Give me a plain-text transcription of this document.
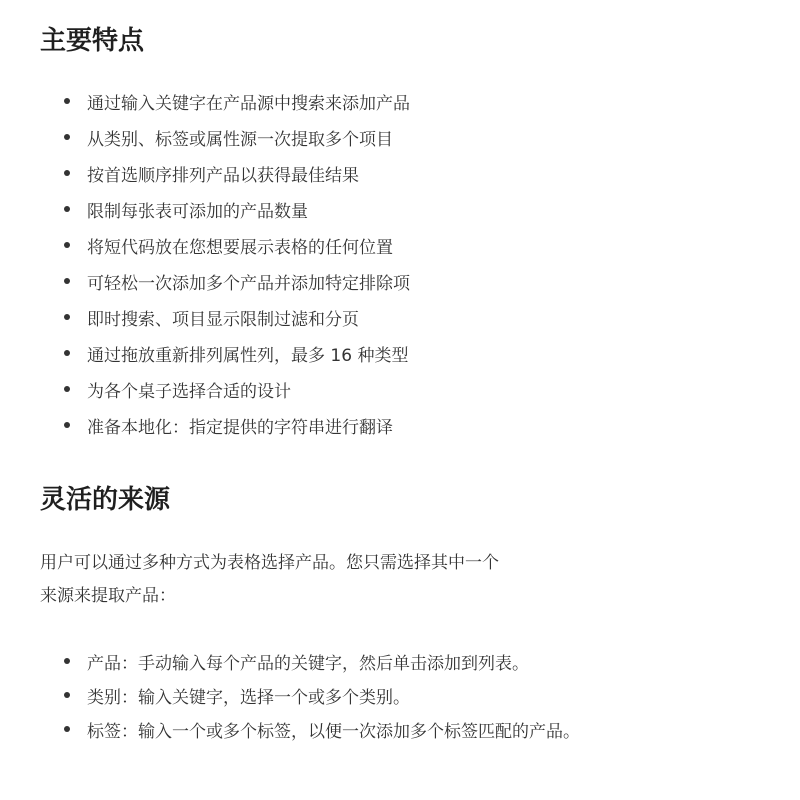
主要特点
通过输入关键字在产品源中搜索来添加产品
从类别、标签或属性源一次提取多个项目
按首选顺序排列产品以获得最佳结果
限制每张表可添加的产品数量
将短代码放在您想要展示表格的任何位置
可轻松一次添加多个产品并添加特定排除项
即时搜索、项目显示限制过滤和分页
通过拖放重新排列属性列，最多 16 种类型
为各个桌子选择合适的设计
准备本地化：指定提供的字符串进行翻译
灵活的来源

用户可以通过多种方式为表格选择产品。您只需选择其中一个
来源来提取产品：

产品：手动输入每个产品的关键字，然后单击添加到列表。
类别：输入关键字，选择一个或多个类别。
标签：输入一个或多个标签，以便一次添加多个标签匹配的产品。
